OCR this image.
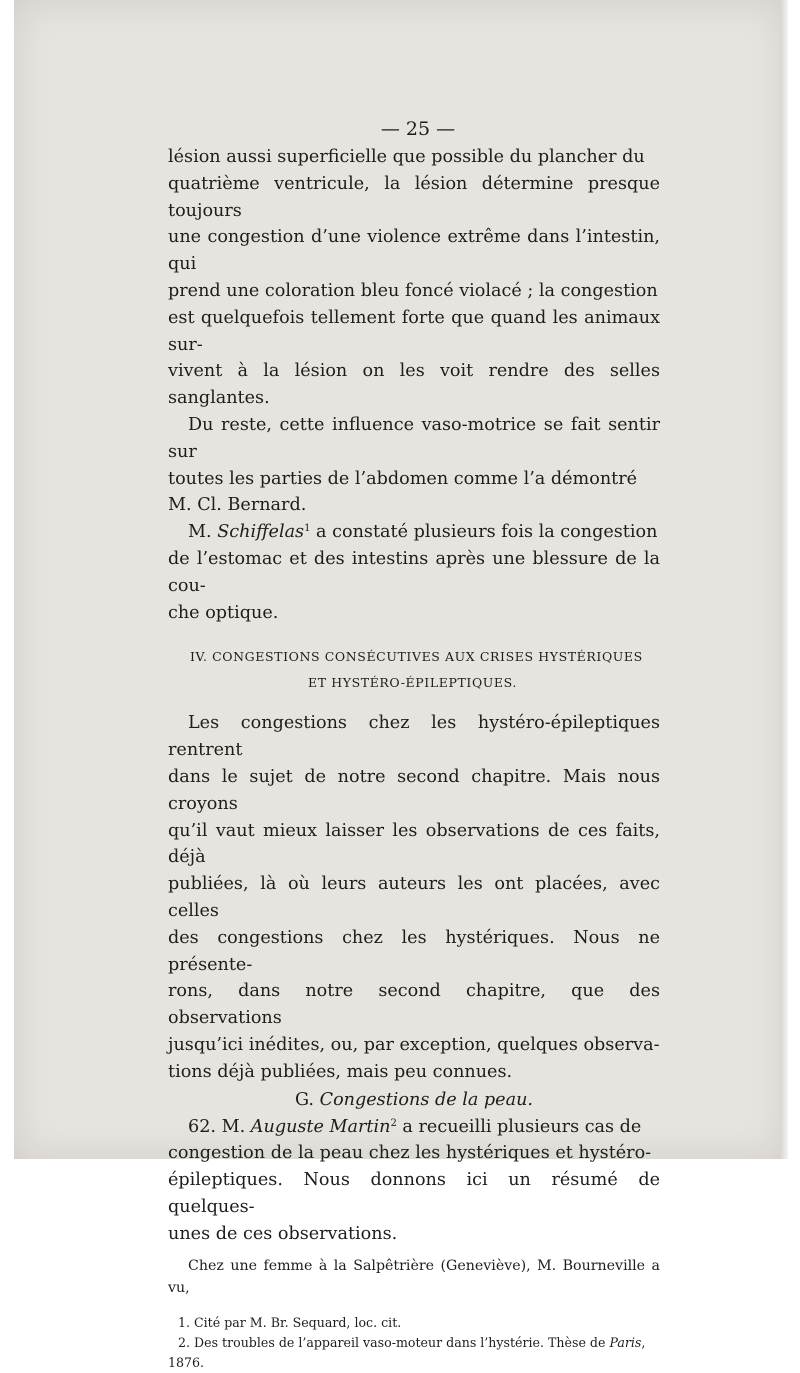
— 25 —

lésion aussi superficielle que possible du plancher du

quatrième ventricule, la lésion détermine presque toujours

une congestion d’une violence extrême dans l’intestin, qui

prend une coloration bleu foncé violacé ; la congestion

est quelquefois tellement forte que quand les animaux sur-

vivent à la lésion on les voit rendre des selles sanglantes.

Du reste, cette influence vaso-motrice se fait sentir sur

toutes les parties de l’abdomen comme l’a démontré

M. Cl. Bernard.

M. Schiffelas$^1$ a constaté plusieurs fois la congestion

de l’estomac et des intestins après une blessure de la cou-

che optique.

IV. CONGESTIONS CONSÉCUTIVES AUX CRISES HYSTÉRIQUES
ET HYSTÉRO-ÉPILEPTIQUES.

Les congestions chez les hystéro-épileptiques rentrent

dans le sujet de notre second chapitre. Mais nous croyons

qu’il vaut mieux laisser les observations de ces faits, déjà

publiées, là où leurs auteurs les ont placées, avec celles

des congestions chez les hystériques. Nous ne présente-

rons, dans notre second chapitre, que des observations

jusqu’ici inédites, ou, par exception, quelques observa-

tions déjà publiées, mais peu connues.

G. Congestions de la peau.

62. M. Auguste Martin$^2$ a recueilli plusieurs cas de

congestion de la peau chez les hystériques et hystéro-

épileptiques. Nous donnons ici un résumé de quelques-

unes de ces observations.

Chez une femme à la Salpêtrière (Geneviève), M. Bourneville a vu,

1. Cité par M. Br. Sequard, loc. cit.

2. Des troubles de l’appareil vaso-moteur dans l’hystérie. Thèse de Paris,

1876.
